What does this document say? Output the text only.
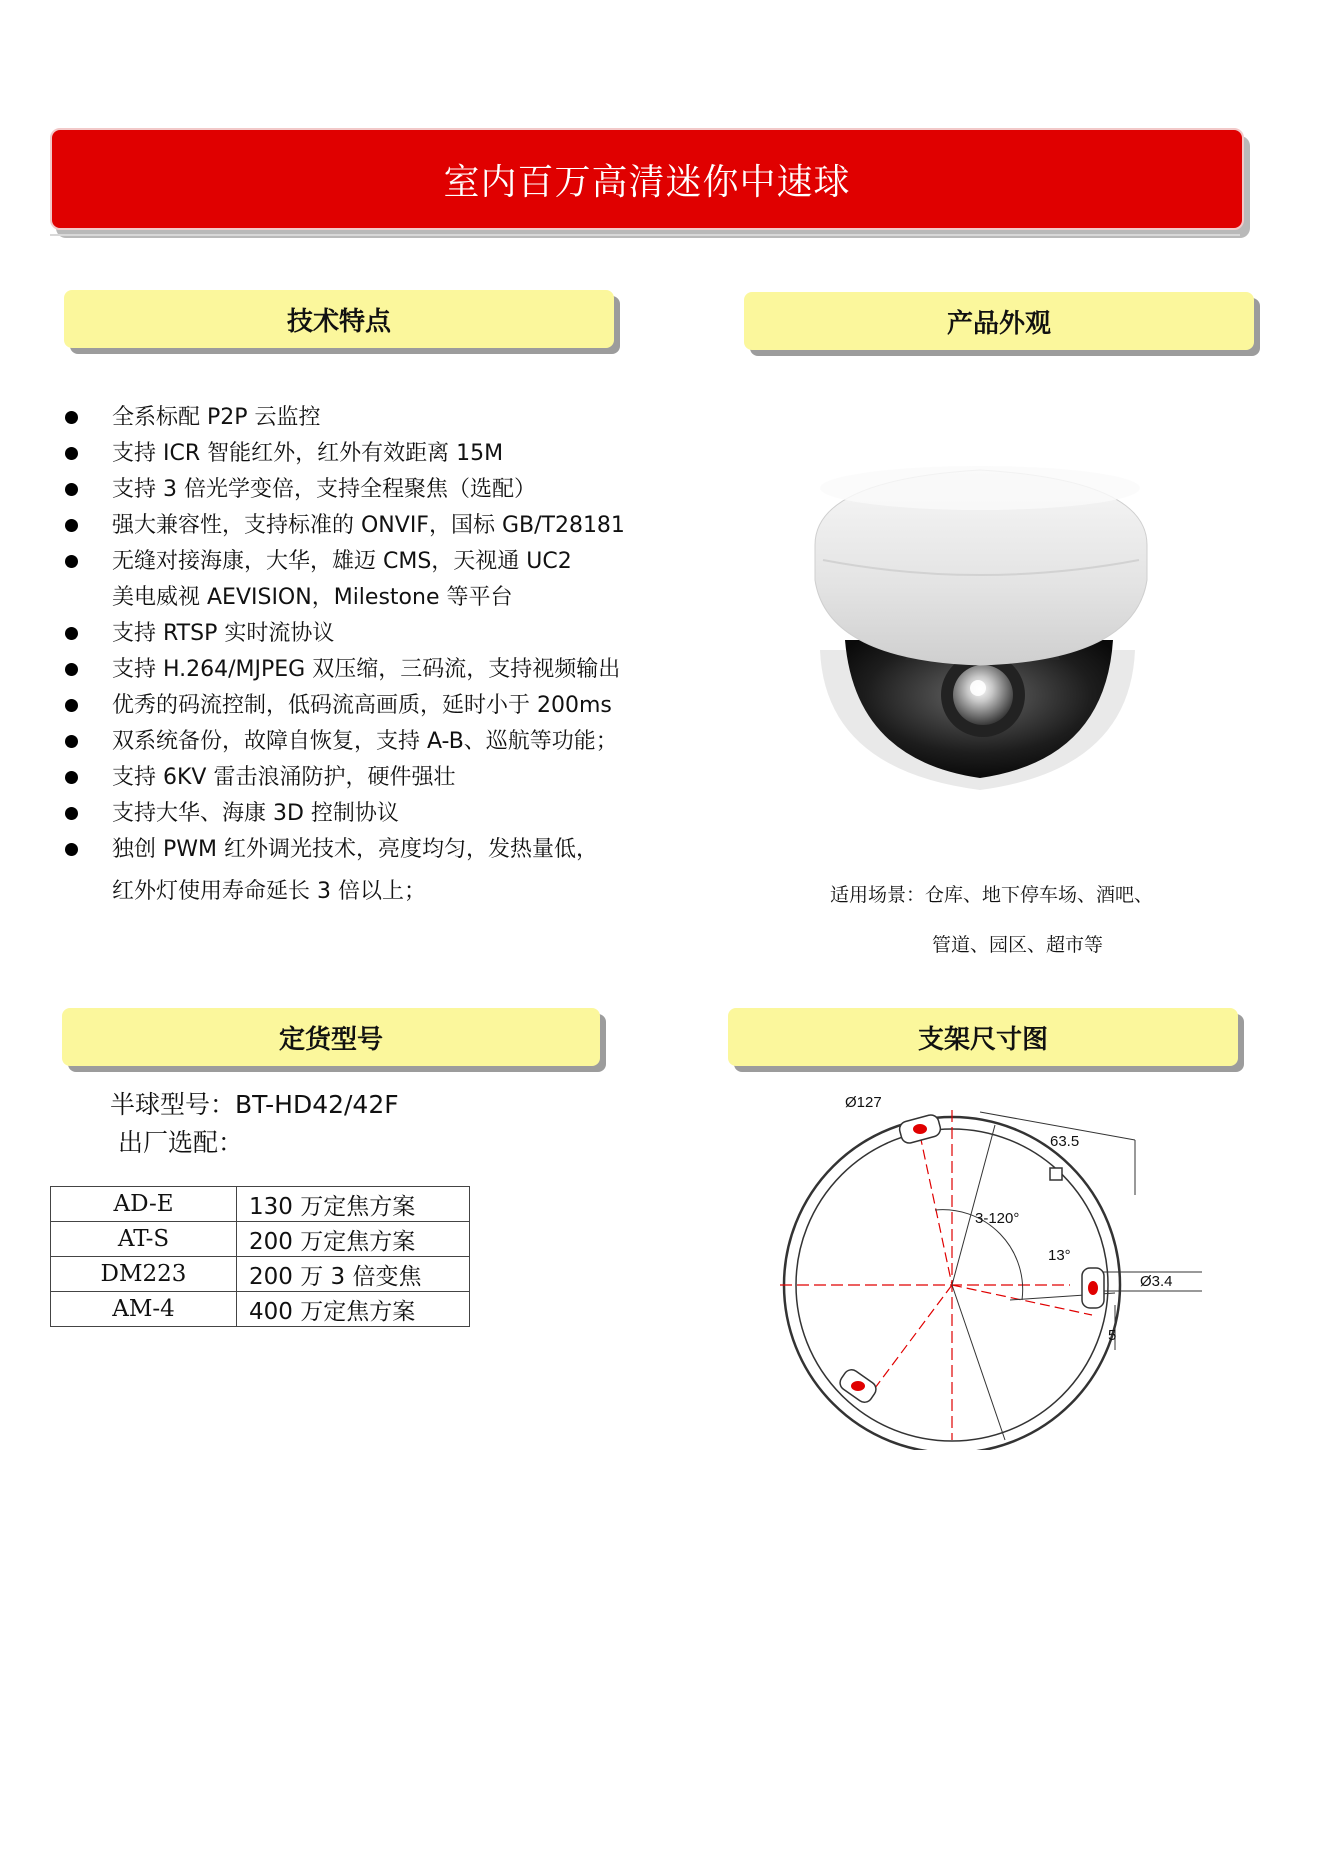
室内百万高清迷你中速球
技术特点	产品外观
定货型号	支架尺寸图
全系标配 P2P 云监控
支持 ICR 智能红外，红外有效距离 15M
支持 3 倍光学变倍，支持全程聚焦（选配）
强大兼容性，支持标准的 ONVIF，国标 GB/T28181
无缝对接海康，大华，雄迈 CMS，天视通 UC2
美电威视 AEVISION，Milestone 等平台
支持 RTSP 实时流协议
支持 H.264/MJPEG 双压缩，三码流，支持视频输出
优秀的码流控制，低码流高画质，延时小于 200ms
双系统备份，故障自恢复，支持 A-B、巡航等功能；
支持 6KV 雷击浪涌防护，硬件强壮
支持大华、海康 3D 控制协议
独创 PWM 红外调光技术，亮度均匀，发热量低，
红外灯使用寿命延长 3 倍以上；	适用场景：仓库、地下停车场、酒吧、
管道、园区、超市等
半球型号：BT-HD42/42F
出厂选配：
AD-E	130 万定焦方案
AT-S	200 万定焦方案
DM223	200 万 3 倍变焦
AM-4	400 万定焦方案
Ø127
63.5
3-120°
13°
Ø3.4
5
